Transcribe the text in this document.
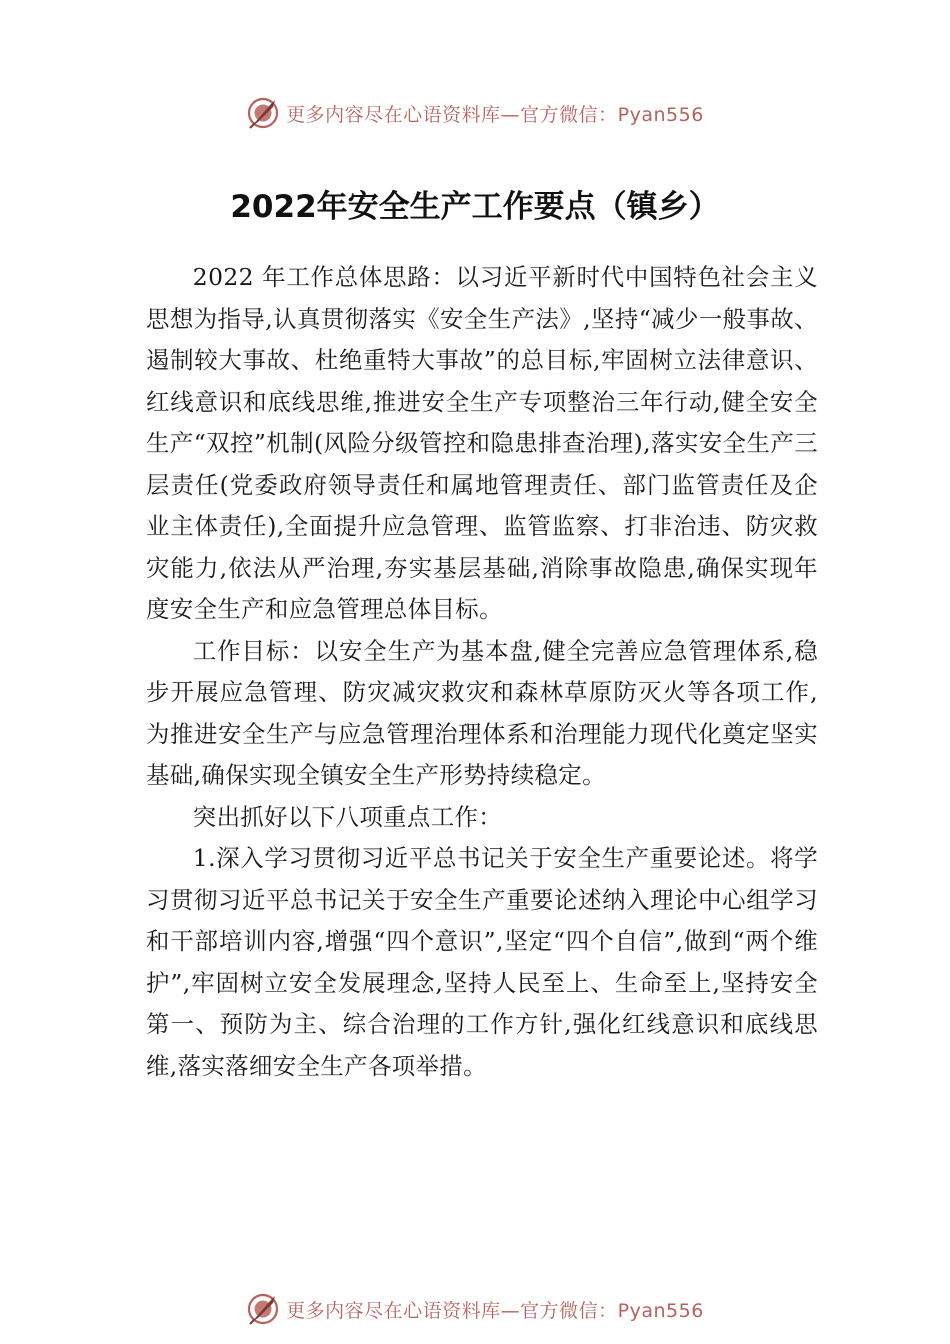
更多内容尽在心语资料库—官方微信：Pyan556
2022年安全生产工作要点（镇乡）

2022 年工作总体思路：以习近平新时代中国特色社会主义思想为指导,认真贯彻落实《安全生产法》,坚持“减少一般事故、遏制较大事故、杜绝重特大事故”的总目标,牢固树立法律意识、红线意识和底线思维,推进安全生产专项整治三年行动,健全安全生产“双控”机制(风险分级管控和隐患排查治理),落实安全生产三层责任(党委政府领导责任和属地管理责任、部门监管责任及企业主体责任),全面提升应急管理、监管监察、打非治违、防灾救灾能力,依法从严治理,夯实基层基础,消除事故隐患,确保实现年度安全生产和应急管理总体目标。

工作目标：以安全生产为基本盘,健全完善应急管理体系,稳步开展应急管理、防灾减灾救灾和森林草原防灭火等各项工作,为推进安全生产与应急管理治理体系和治理能力现代化奠定坚实基础,确保实现全镇安全生产形势持续稳定。

突出抓好以下八项重点工作：

1.深入学习贯彻习近平总书记关于安全生产重要论述。将学习贯彻习近平总书记关于安全生产重要论述纳入理论中心组学习和干部培训内容,增强“四个意识”,坚定“四个自信”,做到“两个维护”,牢固树立安全发展理念,坚持人民至上、生命至上,坚持安全第一、预防为主、综合治理的工作方针,强化红线意识和底线思维,落实落细安全生产各项举措。

更多内容尽在心语资料库—官方微信：Pyan556
